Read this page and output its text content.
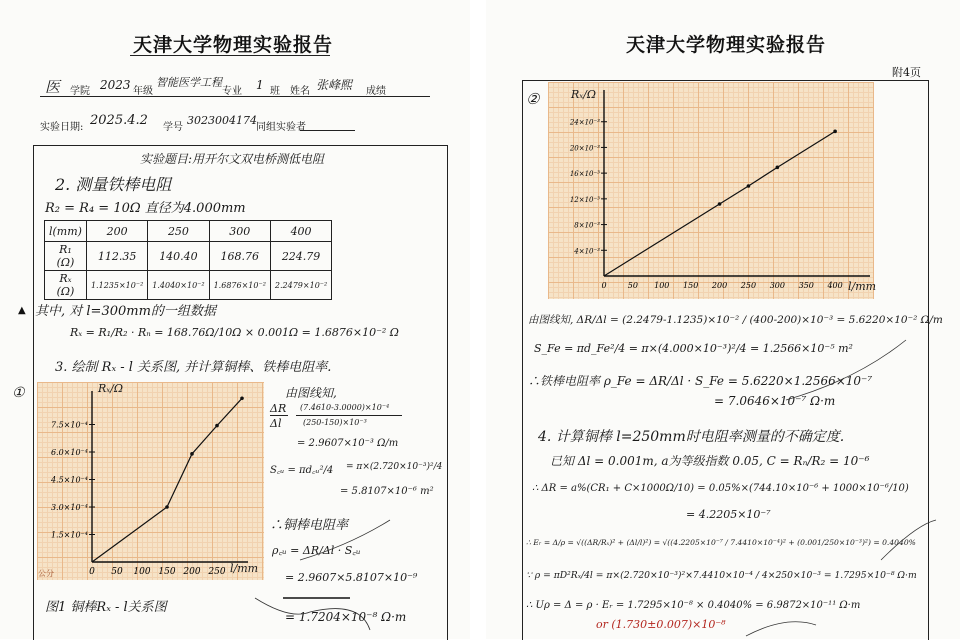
天津大学物理实验报告
医 学院 2023 年级
智能医学工程
专业 1 班 姓名 张峰熙 成绩
实验日期: 2025.4.2 学号
3023004174
同组实验者
实验题目:用开尔文双电桥测低电阻
2. 测量铁棒电阻
R₂ = R₄ = 10Ω 直径为4.000mm
l(mm)	200	250	300	400
R₁ (Ω)	112.35	140.40	168.76	224.79
Rₓ (Ω)	1.1235×10⁻²	1.4040×10⁻²	1.6876×10⁻²	2.2479×10⁻²
▲ 其中, 对 l=300mm的一组数据
Rₓ = R₁/R₂ · Rₙ = 168.76Ω/10Ω × 0.001Ω = 1.6876×10⁻² Ω
3. 绘制 Rₓ - l 关系图, 并计算铜棒、铁棒电阻率.
①
0 50 100 150 200 250
1.5×10⁻⁴
3.0×10⁻⁴
4.5×10⁻⁴
6.0×10⁻⁴
7.5×10⁻⁴
Rₓ/Ω
l/mm
公分
图1 铜棒Rₓ - l关系图
由图线知,
ΔR
Δl
(7.4610-3.0000)×10⁻⁴
(250-150)×10⁻³
= 2.9607×10⁻³ Ω/m
S꜀ᵤ = πd꜀ᵤ²/4 = π×(2.720×10⁻³)²/4
= 5.8107×10⁻⁶ m²
∴铜棒电阻率
ρ꜀ᵤ = ΔR/Δl · S꜀ᵤ
= 2.9607×5.8107×10⁻⁹
= 1.7204×10⁻⁸ Ω·m
天津大学物理实验报告
附4页
②
0	50 100 150 200 250 300 350 400
4×10⁻³
8×10⁻³
12×10⁻³
16×10⁻³
20×10⁻³
24×10⁻³
Rₓ/Ω
l/mm
由图线知, ΔR/Δl = (2.2479-1.1235)×10⁻² / (400-200)×10⁻³ = 5.6220×10⁻² Ω/m
S_Fe = πd_Fe²/4 = π×(4.000×10⁻³)²/4 = 1.2566×10⁻⁵ m²
∴铁棒电阻率 ρ_Fe = ΔR/Δl · S_Fe = 5.6220×1.2566×10⁻⁷
= 7.0646×10⁻⁷ Ω·m
4. 计算铜棒 l=250mm时电阻率测量的不确定度.
已知 Δl = 0.001m, a为等级指数 0.05, C = Rₙ/R₂ = 10⁻⁶
∴ ΔR = a%(CR₁ + C×1000Ω/10) = 0.05%×(744.10×10⁻⁶ + 1000×10⁻⁶/10)
= 4.2205×10⁻⁷
∴ Eᵣ = Δ/ρ = √((ΔR/Rₓ)² + (Δl/l)²) = √((4.2205×10⁻⁷ / 7.4410×10⁻⁴)² + (0.001/250×10⁻³)²) = 0.4040%
∵ ρ = πD²Rₓ/4l = π×(2.720×10⁻³)²×7.4410×10⁻⁴ / 4×250×10⁻³ = 1.7295×10⁻⁸ Ω·m
∴ Uρ = Δ = ρ · Eᵣ = 1.7295×10⁻⁸ × 0.4040% = 6.9872×10⁻¹¹ Ω·m
or (1.730±0.007)×10⁻⁸
